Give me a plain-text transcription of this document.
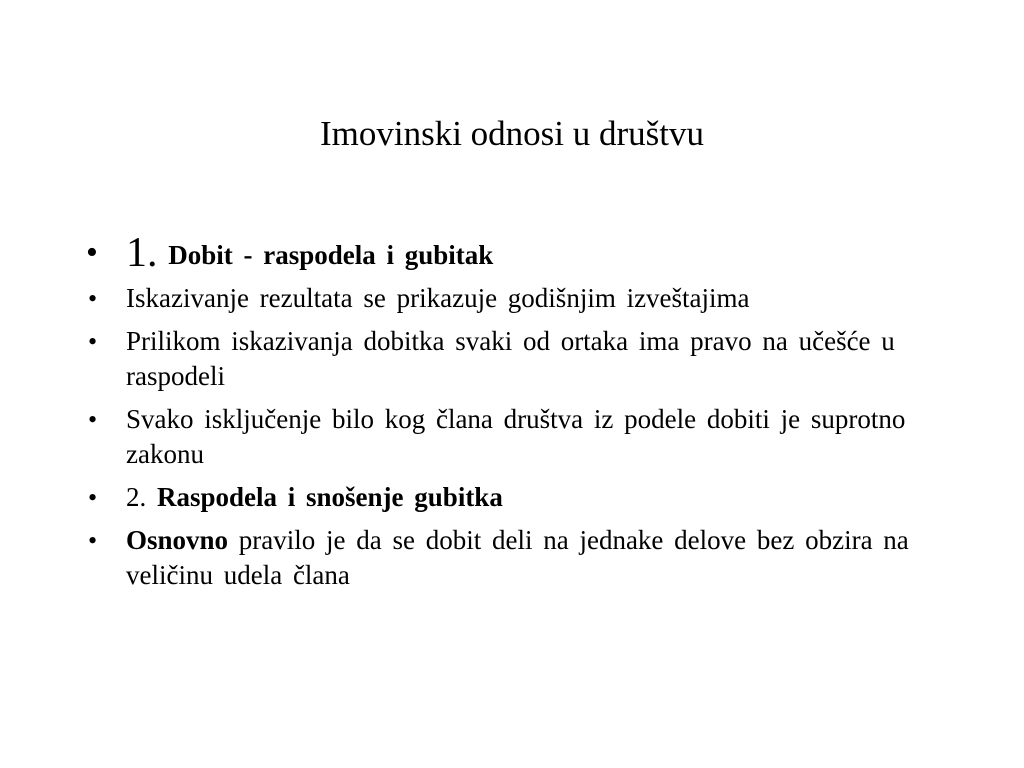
Imovinski odnosi u društvu
• 1. Dobit - raspodela i gubitak
• Iskazivanje rezultata se prikazuje godišnjim izveštajima
• Prilikom iskazivanja dobitka svaki od ortaka ima pravo na učešće u raspodeli
• Svako isključenje bilo kog člana društva iz podele dobiti je suprotno zakonu
• 2. Raspodela i snošenje gubitka
• Osnovno pravilo je da se dobit deli na jednake delove bez obzira na veličinu udela člana
